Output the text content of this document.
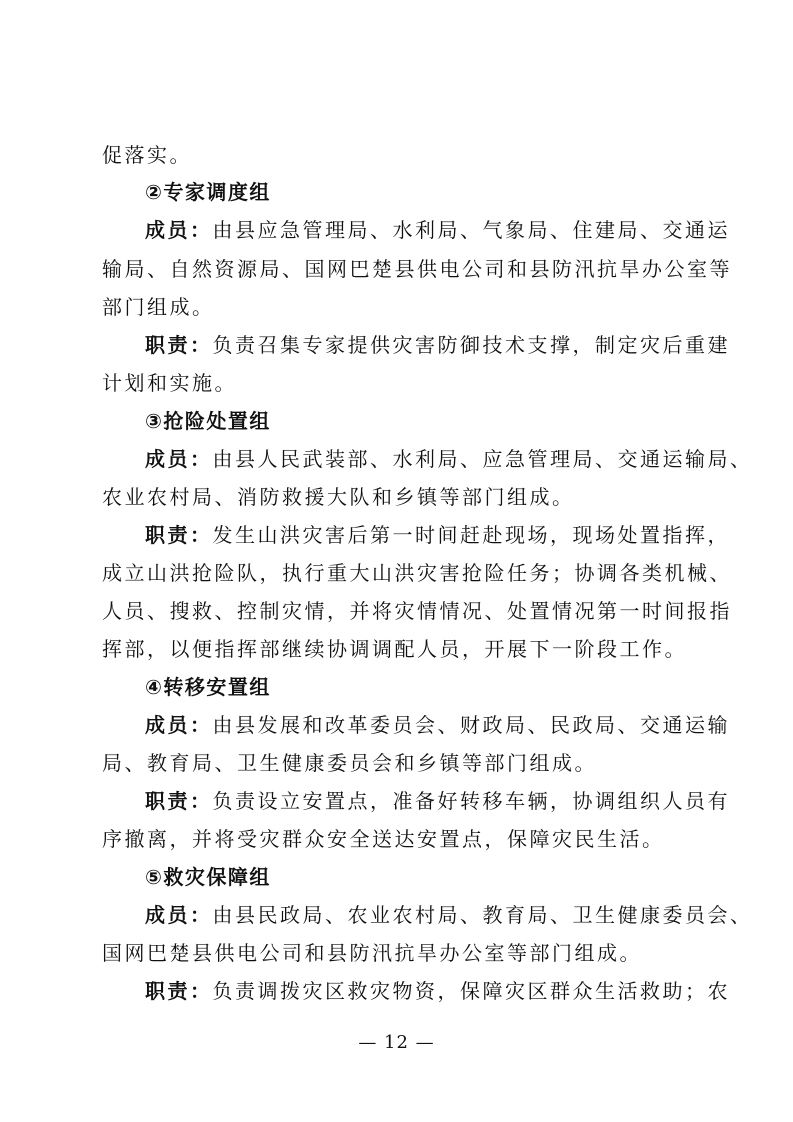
促落实。
②专家调度组
成员：由县应急管理局、水利局、气象局、住建局、交通运
输局、自然资源局、国网巴楚县供电公司和县防汛抗旱办公室等
部门组成。
职责：负责召集专家提供灾害防御技术支撑，制定灾后重建
计划和实施。
③抢险处置组
成员：由县人民武装部、水利局、应急管理局、交通运输局、
农业农村局、消防救援大队和乡镇等部门组成。
职责：发生山洪灾害后第一时间赶赴现场，现场处置指挥，
成立山洪抢险队，执行重大山洪灾害抢险任务；协调各类机械、
人员、搜救、控制灾情，并将灾情情况、处置情况第一时间报指
挥部，以便指挥部继续协调调配人员，开展下一阶段工作。
④转移安置组
成员：由县发展和改革委员会、财政局、民政局、交通运输
局、教育局、卫生健康委员会和乡镇等部门组成。
职责：负责设立安置点，准备好转移车辆，协调组织人员有
序撤离，并将受灾群众安全送达安置点，保障灾民生活。
⑤救灾保障组
成员：由县民政局、农业农村局、教育局、卫生健康委员会、
国网巴楚县供电公司和县防汛抗旱办公室等部门组成。
职责：负责调拨灾区救灾物资，保障灾区群众生活救助；农
— 12 —
